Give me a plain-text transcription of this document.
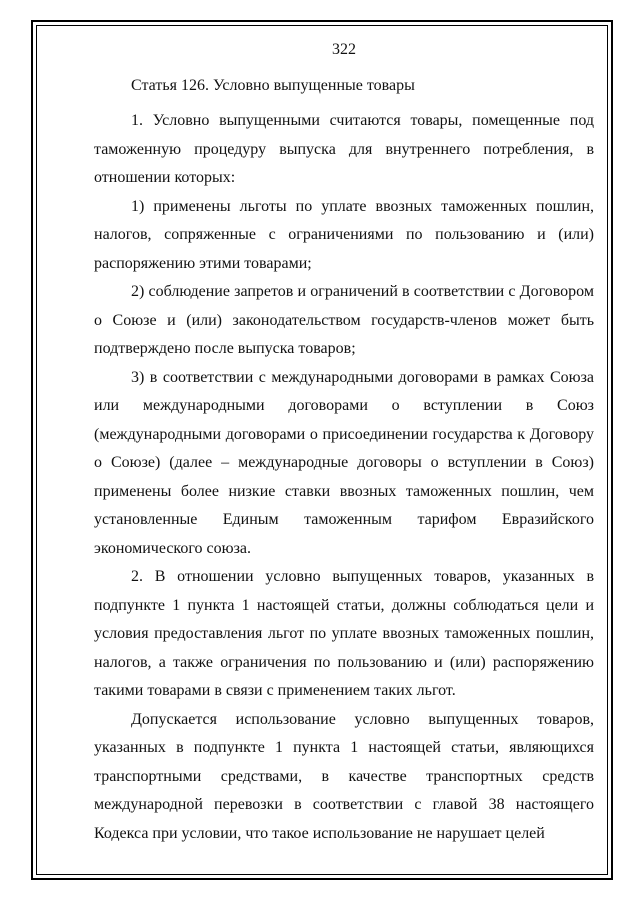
322
Статья 126. Условно выпущенные товары

1. Условно выпущенными считаются товары, помещенные под таможенную процедуру выпуска для внутреннего потребления, в отношении которых:

1) применены льготы по уплате ввозных таможенных пошлин, налогов, сопряженные с ограничениями по пользованию и (или) распоряжению этими товарами;

2) соблюдение запретов и ограничений в соответствии с Договором о Союзе и (или) законодательством государств-членов может быть подтверждено после выпуска товаров;

3) в соответствии с международными договорами в рамках Союза или международными договорами о вступлении в Союз (международными договорами о присоединении государства к Договору о Союзе) (далее – международные договоры о вступлении в Союз) применены более низкие ставки ввозных таможенных пошлин, чем установленные Единым таможенным тарифом Евразийского экономического союза.

2. В отношении условно выпущенных товаров, указанных в подпункте 1 пункта 1 настоящей статьи, должны соблюдаться цели и условия предоставления льгот по уплате ввозных таможенных пошлин, налогов, а также ограничения по пользованию и (или) распоряжению такими товарами в связи с применением таких льгот.

Допускается использование условно выпущенных товаров, указанных в подпункте 1 пункта 1 настоящей статьи, являющихся транспортными средствами, в качестве транспортных средств международной перевозки в соответствии с главой 38 настоящего Кодекса при условии, что такое использование не нарушает целей
